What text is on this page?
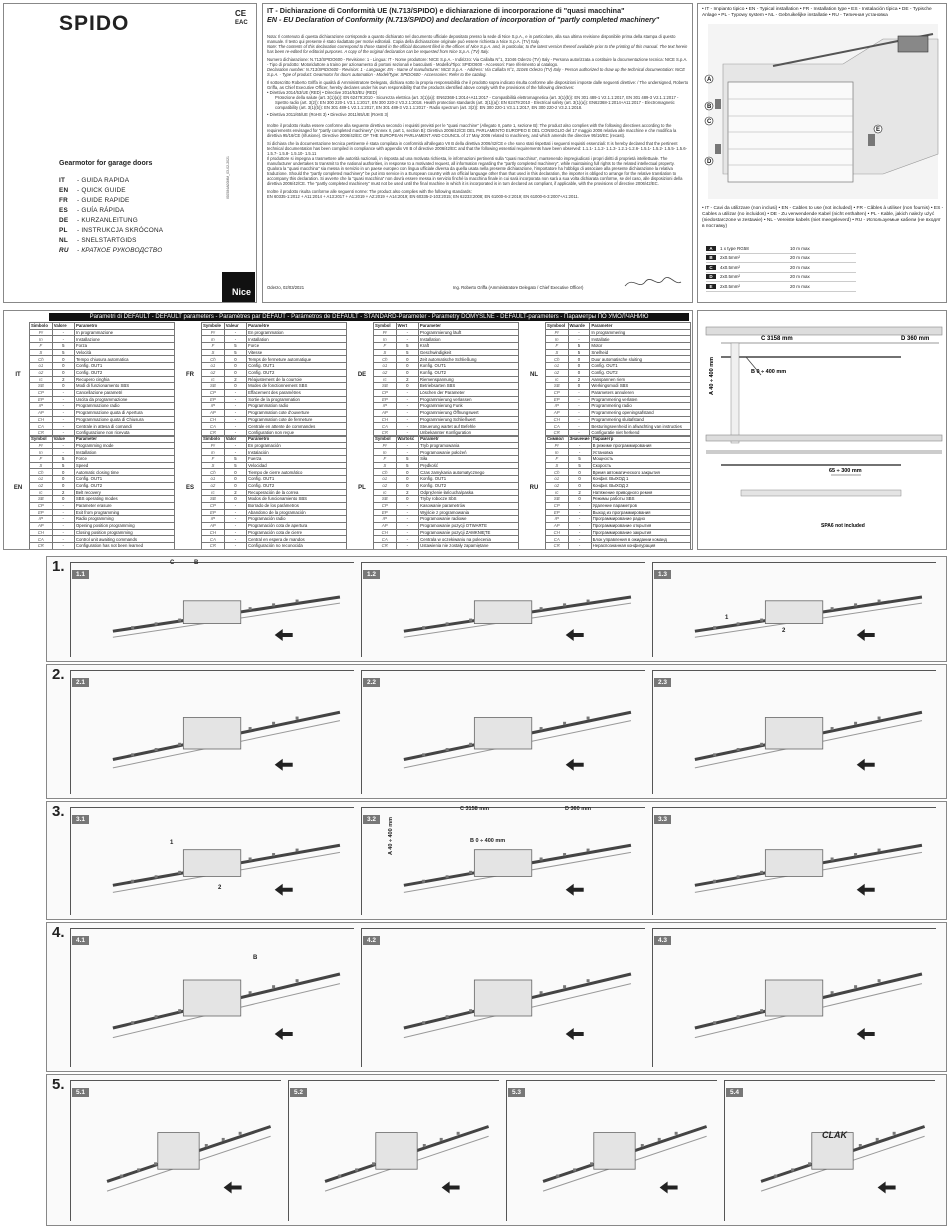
SPIDO	CE
EAC
Gearmotor for garage doors
IT - GUIDA RAPIDA
EN - QUICK GUIDE
FR - GUIDE RAPIDE
ES - GUÍA RÁPIDA
DE - KURZANLEITUNG
PL - INSTRUKCJA SKRÓCONA
NL - SNELSTARTGIDS
RU - КРАТКОЕ РУКОВОДСТВО
IS0584A00MM_03-02-2021
Nice
IT - Dichiarazione di Conformità UE (N.713/SPIDO) e dichiarazione di incorporazione di "quasi macchina"
EN - EU Declaration of Conformity (N.713/SPIDO) and declaration of incorporation of "partly completed machinery"
Nota: Il contenuto di questa dichiarazione corrisponde a quanto dichiarato nel documento ufficiale depositato presso la sede di Nice S.p.A., e in particolare, alla sua ultima revisione disponibile prima della stampa di questo manuale. Il testo qui presente è stato riadattato per motivi editoriali. Copia della dichiarazione originale può essere richiesta a Nice S.p.A. (TV) Italy.
Note: The contents of this declaration correspond to those stated in the official document filed in the offices of Nice S.p.A. and, in particular, to the latest version thereof available prior to the printing of this manual. The text herein has been re-edited for editorial purposes. A copy of the original declaration can be requested from Nice S.p.A. (TV) Italy.
Numero dichiarazione: N.713/SPIDO600 - Revisione: 1 - Lingua: IT - Nome produttore: NICE S.p.A. - Indirizzo: Via Callalta N°1, 31046 Oderzo (TV) Italy - Persona autorizzata a costituire la documentazione tecnica: NICE S.p.A. - Tipo di prodotto: Motoriduttore a traino per azionamento di portoni sezionali e basculanti - Modello/Tipo: SPIDO600 - Accessori: Fare riferimento al catalogo.
Declaration number: N.713/SPIDO600 - Revision: 1 - Language: EN - Name of manufacturer: NICE S.p.A. - Address: Via Callalta N°1, 31046 Oderzo (TV) Italy - Person authorized to draw up the technical documentation: NICE S.p.A. - Type of product: Gearmotor for doors automation - Model/Type: SPIDO600 - Accessories: Refer to the catalog.
Il sottoscritto Roberto Griffa in qualità di Amministratore Delegato, dichiara sotto la propria responsabilità che il prodotto sopra indicato risulta conforme alle disposizioni imposte dalle seguenti direttive: / The undersigned, Roberto Griffa, as Chief Executive Officer, hereby declares under his own responsibility that the products identified above comply with the provisions of the following directives:
• Direttiva 2014/53/UE (RED) • Directive 2014/53/EU (RED)
Protezione della salute (art. 3(1)(a)): EN 62479:2010 - Sicurezza elettrica (art. 3(1)(a)): EN62368-1:2014+A11:2017 - Compatibilità elettromagnetica (art. 3(1)(b)): EN 301 489-1 V2.1.1:2017, EN 301 489-3 V2.1.1:2017 - Spettro radio (art. 3(2)): EN 300 220-1 V3.1.1:2017, EN 300 220-2 V3.2.1:2018. Health protection standards (art. 3(1)(a)): EN 62479:2010 - Electrical safety (art. 3(1)(a)): EN62368-1:2014+A11:2017 - Electromagnetic compatibility (art. 3(1)(b)): EN 301 489-1 V2.1.1:2017, EN 301 489-3 V2.1.1:2017 - Radio spectrum (art. 3(2)): EN 300 220-1 V3.1.1:2017, EN 300 220-2 V3.2.1:2018.
• Direttiva 2011/65/UE (RoHS 3) • Directive 2011/65/UE (RoHS 3)
Inoltre il prodotto risulta essere conforme alla seguente direttiva secondo i requisiti previsti per le "quasi macchine" (Allegato II, parte 1, sezione B): The product also complies with the following directives according to the requirements envisaged for "partly completed machinery" (Annex II, part 1, section B): Direttiva 2006/42/CE DEL PARLAMENTO EUROPEO E DEL CONSIGLIO del 17 maggio 2006 relativa alle macchine e che modifica la direttiva 95/16/CE (rifusione). Directive 2006/42/EC OF THE EUROPEAN PARLIAMENT AND COUNCIL of 17 May 2006 related to machinery, and which amends the directive 95/16/EC (recast).
Si dichiara che la documentazione tecnica pertinente è stata compilata in conformità all'allegato VII B della direttiva 2006/42/CE e che sono stati rispettati i seguenti requisiti essenziali: It is hereby declared that the pertinent technical documentation has been compiled in compliance with appendix VII B of directive 2006/42/EC and that the following essential requirements have been observed: 1.1.1- 1.1.2- 1.1.3- 1.2.1-1.2.6- 1.5.1- 1.5.2- 1.5.5- 1.5.6- 1.5.7- 1.5.8- 1.5.10- 1.5.11
Il produttore si impegna a trasmettere alle autorità nazionali, in risposta ad una motivata richiesta, le informazioni pertinenti sulla "quasi macchina", mantenendo impregiudicati i propri diritti di proprietà intellettuale. The manufacturer undertakes to transmit to the national authorities, in response to a motivated request, all information regarding the "partly completed machinery", while maintaining full rights to the related intellectual property.
Qualora la "quasi macchina" sia messa in servizio in un paese europeo con lingua ufficiale diversa da quella usata nella presente dichiarazione, l'importatore ha l'obbligo di associare alla presente dichiarazione la relativa traduzione. Should the "partly completed machinery" be put into service in a European country with an official language other than that used in this declaration, the importer is obliged to arrange for the relative translation to accompany this declaration. Si avverte che la "quasi macchina" non dovrà essere messa in servizio finché la macchina finale in cui sarà incorporata non sarà a sua volta dichiarata conforme, se del caso, alle disposizioni della direttiva 2006/42/CE. The "partly completed machinery" must not be used until the final machine in which it is incorporated is in turn declared as compliant, if applicable, with the provisions of directive 2006/42/EC.
Inoltre il prodotto risulta conforme alle seguenti norme: The product also complies with the following standards:
EN 60335-1:2012 + A11:2014 + A13:2017 + A1:2019 + A2:2019 + A14:2019; EN 60335-2-103:2015; EN 62233:2008; EN 61000-6-2:2019; EN 61000-6-3:2007+A1:2011.
Oderzo, 02/03/2021	Ing. Roberto Griffa (Amministratore Delegato / Chief Executive Officer)
• IT - Impianto tipico • EN - Typical installation • FR - Installation type • ES - Instalación típica • DE - Typische Anlage • PL - Typowy system • NL - Gebruikelijke installatie • RU - Типичная установка
A
B
C
D
E
• IT - Cavi da utilizzare (non inclusi) • EN - Cables to use (not included) • FR - Câbles à utiliser (non fournis) • ES - Cables a utilizar (no incluidos) • DE - Zu verwendende Kabel (nicht enthalten) • PL - Kable, jakich należy użyć (niedostarczone w zestawie) • NL - Vereiste kabels (niet meegeleverd) • RU - Используемые кабели (не входят в поставку)
A	1 x type RG58	10 m max
B	2x0.5mm²	20 m max
C	4x0.5mm²	20 m max
D	2x0.5mm²	20 m max
E	2x0.5mm²	20 m max
Parametri di DEFAULT - DEFAULT parameters - Paramètres par DÉFAUT - Parámetros de DEFAULT - STANDARD-Parameter - Parametry DOMYŚLNE - DEFAULT-parameters - Параметры ПО УМОЛЧАНИЮ
IT
Simbolo	Valore	Parametro
Pr	-	In programmazione
In	-	Installazione
F	5	Forza
S	5	Velocità
Ch	0	Tempo chiusura automatica
o1	0	Config. OUT1
o2	0	Config. OUT2
rc	2	Recupero cinghia
SB	0	Modi di funzionamento SBS
CP	-	Cancellazione parametri
EP	-	Uscita da programmazione
rP	-	Programmazione radio
AP	-	Programmazione quota di Apertura
CH	-	Programmazione quota di Chiusura
CA	-	Centrale in attesa di comandi
CR	-	Configurazione non ricevuta
FR
Symbole	Valeur	Paramètre
Pr	-	En programmation
In	-	Installation
F	5	Force
S	5	Vitesse
Ch	0	Temps de fermeture automatique
o1	0	Config. OUT1
o2	0	Config. OUT2
rc	2	Réajustement de la courroie
SB	0	Modes de fonctionnement SBS
CP	-	Effacement des paramètres
EP	-	Sortie de la programmation
rP	-	Programmation radio
AP	-	Programmation cote d'ouverture
CH	-	Programmation cote de fermeture
CA	-	Centrale en attente de commandes
CR	-	Configuration non reçue
DE
Symbol	Wert	Parameter
Pr	-	Programmierung läuft
In	-	Installation
F	5	Kraft
S	5	Geschwindigkeit
Ch	0	Zeit automatische Schließung
o1	0	Konfig. OUT1
o2	0	Konfig. OUT2
rc	2	Riemenspannung
SB	0	Betriebsarten SBS
CP	-	Löschen der Parameter
EP	-	Programmierung verlassen
rP	-	Programmierung Funk
AP	-	Programmierung Öffnungswert
CH	-	Programmierung Schließwert
CA	-	Steuerung wartet auf Befehle
CR	-	Unbekannter Konfiguration
NL
Symbool	Waarde	Parameter
Pr	-	In programmering
In	-	Installatie
F	5	Motor
S	5	Snelheid
Ch	0	Duur automatische sluiting
o1	0	Config. OUT1
o2	0	Config. OUT2
rc	2	Aanspannen riem
SB	0	Werkingsmodi SBS
CP	-	Parameters annuleren
EP	-	Programmering verlaten
rP	-	Programmering radio
AP	-	Programmering openingsafstand
CH	-	Programmering sluitafstand
CA	-	Besturingseenheid in afwachting van instructies
CR	-	Configuratie niet herkend
EN
Symbol	Value	Parameter
Pr	-	Programming mode
In	-	Installation
F	5	Force
S	5	Speed
Ch	0	Automatic closing time
o1	0	Config. OUT1
o2	0	Config. OUT2
rc	2	Belt recovery
SB	0	SBS operating modes
CP	-	Parameter erasure
EP	-	Exit from programming
rP	-	Radio programming
AP	-	Opening position programming
CH	-	Closing position programming
CA	-	Control unit awaiting commands
CR	-	Configuration has not been learned
ES
Símbolo	Valor	Parámetro
Pr	-	En programación
In	-	Instalación
F	5	Fuerza
S	5	Velocidad
Ch	0	Tiempo de cierre automático
o1	0	Config. OUT1
o2	0	Config. OUT2
rc	2	Recuperación de la correa
SB	0	Modos de funcionamiento SBS
CP	-	Borrado de los parámetros
EP	-	Abandono de la programación
rP	-	Programación radio
AP	-	Programación cota de apertura
CH	-	Programación cota de cierre
CA	-	Central en espera de mandos
CR	-	Configuración no reconocida
PL
Symbol	Wartość	Parametr
Pr	-	Tryb programowania
In	-	Programowanie położeń
F	5	Siła
S	5	Prędkość
Ch	0	Czas zamykania automatycznego
o1	0	Konfig. OUT1
o2	0	Konfig. OUT2
rc	2	Odprężenie łańcucha/paska
SB	0	Tryby robocze SbS
CP	-	Kasowanie parametrów
EP	-	Wyjście z programowania
rP	-	Programowanie radiowe
AP	-	Programowanie pozycji OTWARTE
CH	-	Programowanie pozycji ZAMKNIĘTE
CA	-	Centrala w oczekiwaniu na polecenia
CR	-	Ustawienia nie zostały zapamiętane
RU
Символ	Значение	Параметр
Pr	-	В режиме программирования
In	-	Установка
F	5	Мощность
S	5	Скорость
Ch	0	Время автоматического закрытия
o1	0	Конфиг. ВЫХОД 1
o2	0	Конфиг. ВЫХОД 2
rc	2	Натяжение приводного ремня
SB	0	Режимы работы SBS
CP	-	Удаление параметров
EP	-	Выход из программирования
rP	-	Программирование радио
AP	-	Программирование открытия
CH	-	Программирование закрытия
CA	-	Блок управления в ожидании команд
CR	-	Нераспознанная конфигурация
C 3158 mm	D 360 mm
A 40 ÷ 400 mm	B 0 ÷ 400 mm
65 ÷ 300 mm
SPA6 not included
1.	1.1	1.2	1.3
2.	2.1	2.2	2.3
3.	3.1	3.2	3.3
4.	4.1	4.2	4.3
5.	5.1	5.2	5.3	5.4
C	B
1
2
1
2
C 3158 mm	D 360 mm
B 0 ÷ 400 mm
A 40 ÷ 400 mm
B
CLAK
